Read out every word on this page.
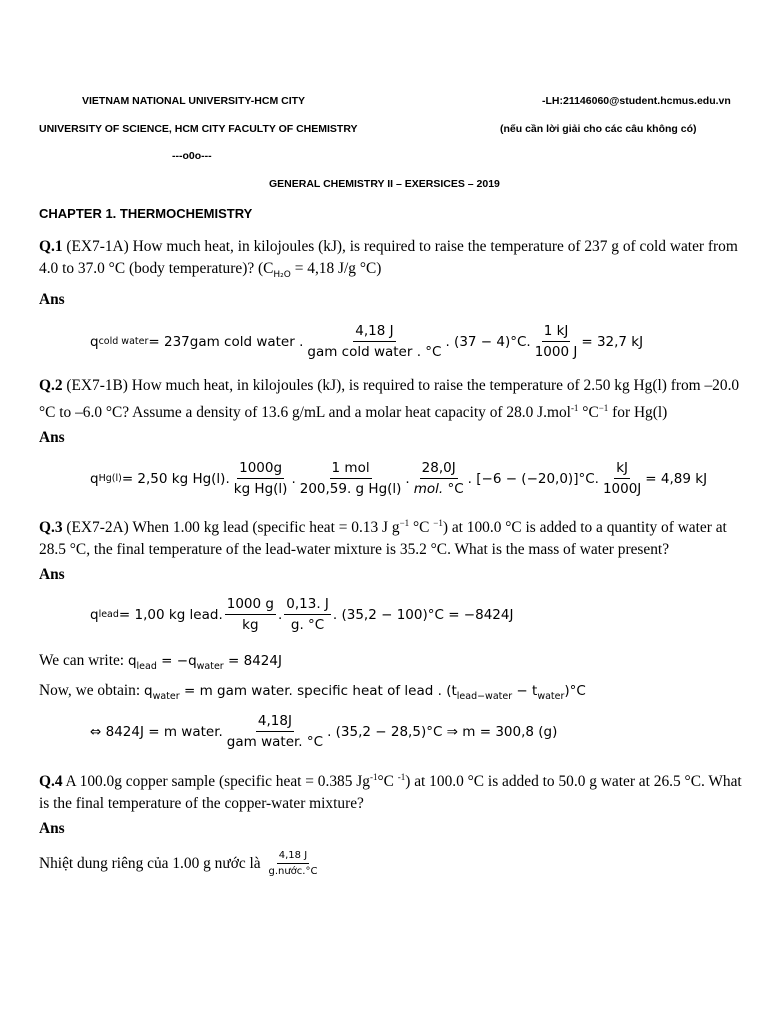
VIETNAM NATIONAL UNIVERSITY-HCM CITY	-LH:21146060@student.hcmus.edu.vn
UNIVERSITY OF SCIENCE, HCM CITY FACULTY OF CHEMISTRY	(nếu cần lời giải cho các câu không có)
---o0o---
GENERAL CHEMISTRY II – EXERSICES – 2019
CHAPTER 1. THERMOCHEMISTRY
Q.1 (EX7-1A) How much heat, in kilojoules (kJ), is required to raise the temperature of 237 g of cold water from 4.0 to 37.0 °C (body temperature)? ($C_{H_2O} = 4,18$ J/g °C)
Ans
q cold water = 237gam cold water . $\frac{4,18 J}{\text{gam cold water . °C}}$ . (37 − 4)°C. $\frac{1 kJ}{1000 J} = 32,7$ kJ
Q.2 (EX7-1B) How much heat, in kilojoules (kJ), is required to raise the temperature of 2.50 kg Hg(l) from –20.0 °C to –6.0 °C? Assume a density of 13.6 g/mL and a molar heat capacity of 28.0 J.mol$^{-1}$ $^\circ C^{-1}$ for Hg(l)
Ans
q Hg(l) = 2,50 kg Hg(l). $\frac{1000g}{\text{kg Hg(l)}}$ . $\frac{\text{1 mol}}{\text{200,59. g Hg(l)}}$ . $\frac{28,0J}{\text{mol. °C}}$ . [−6 − (−20,0)]°C. $\frac{kJ}{1000J} = 4,89$ kJ
Q.3 (EX7-2A) When 1.00 kg lead (specific heat = 0.13 J $g^{-1}$ °C $^{-1}$) at 100.0 °C is added to a quantity of water at 28.5 °C, the final temperature of the lead-water mixture is 35.2 °C. What is the mass of water present?
Ans
q lead = 1,00 kg lead. $\frac{1000 g}{kg}$ . $\frac{0,13. J}{g. ^\circ C}$ . (35,2 − 100)°C = −8424J
We can write: $q_{lead} = -q_{water} = 8424J$
Now, we obtain: $q_{water} = m$ gam water. specific heat of lead . $(t_{lead-water} - t_{water})^\circ C$
⇔ 8424J = m water. $\frac{4,18J}{\text{gam water. °C}}$ . (35,2 − 28,5)°C ⇒ m = 300,8 (g)
Q.4 A 100.0g copper sample (specific heat = 0.385 $Jg^{-1}^\circ C$ $^{-1}$) at 100.0 °C is added to 50.0 g water at 26.5 °C. What is the final temperature of the copper-water mixture?
Ans
Nhiệt dung riêng của 1.00 g nước là $\frac{4,18 J}{\text{g.nước.°C}}$
